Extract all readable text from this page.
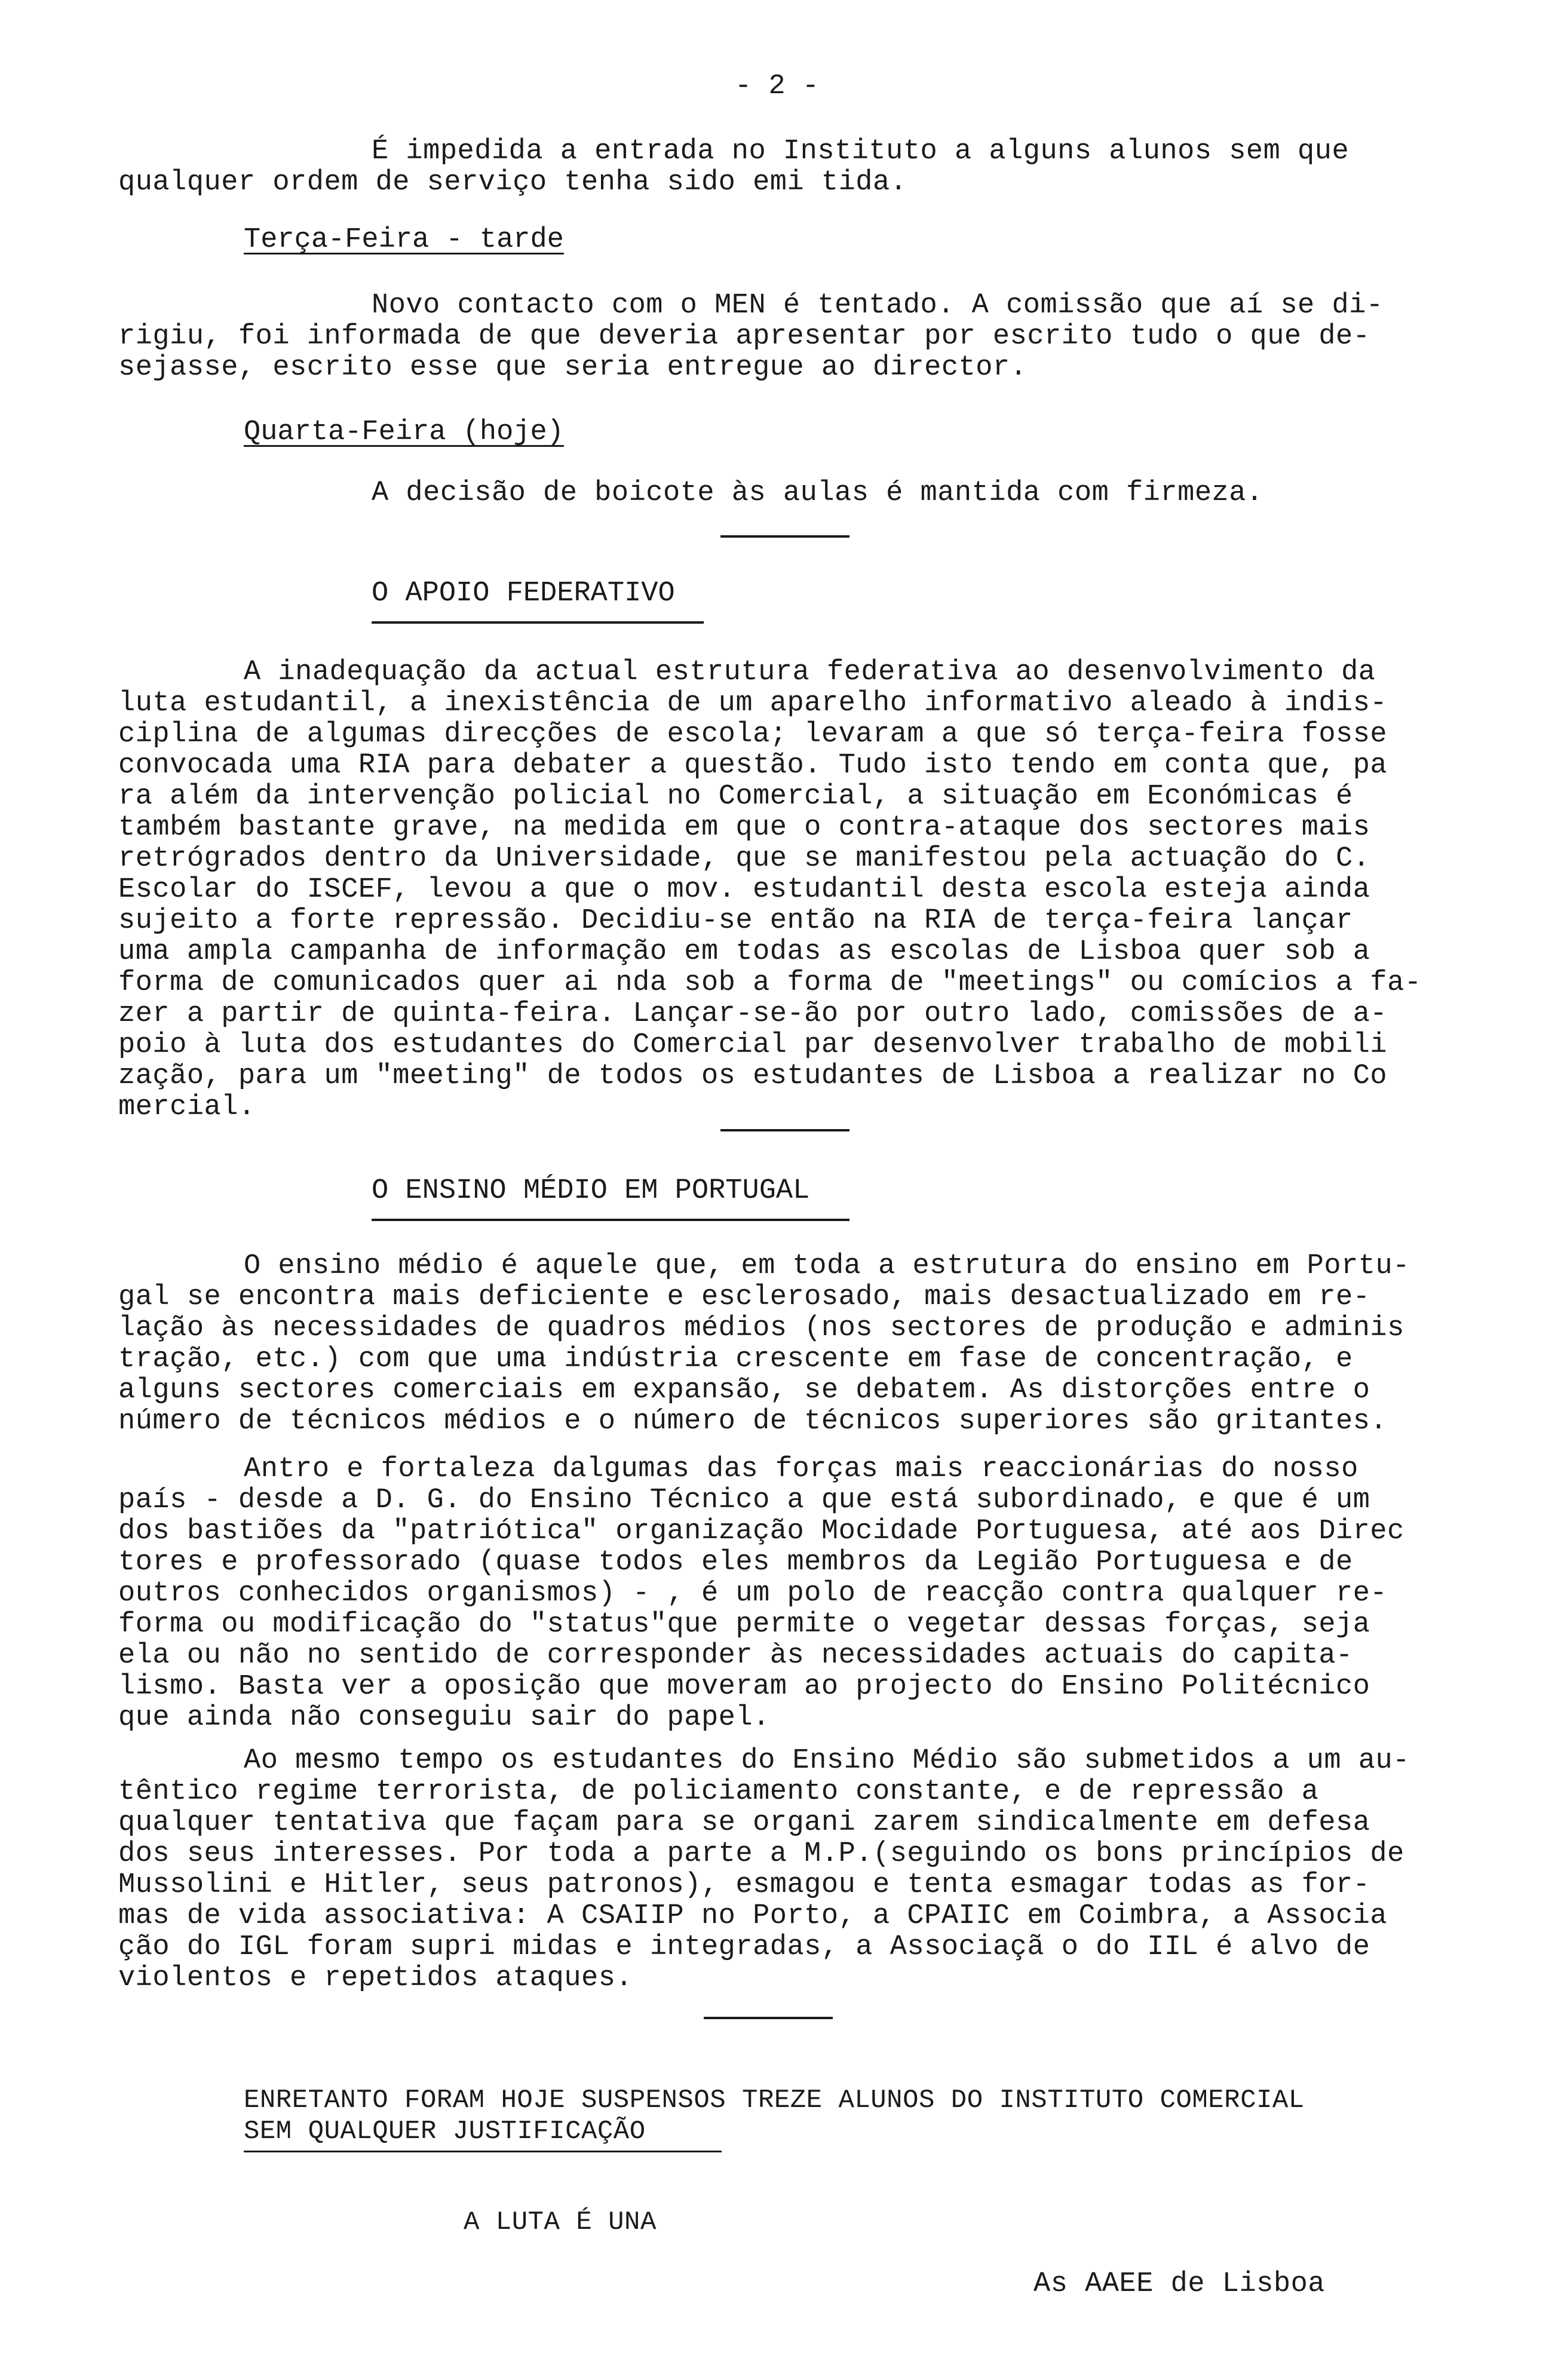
- 2 -
É impedida a entrada no Instituto a alguns alunos sem que
qualquer ordem de serviço tenha sido emi tida.
Terça-Feira - tarde
Novo contacto com o MEN é tentado. A comissão que aí se di-
rigiu, foi informada de que deveria apresentar por escrito tudo o que de-
sejasse, escrito esse que seria entregue ao director.
Quarta-Feira (hoje)
A decisão de boicote às aulas é mantida com firmeza.
O APOIO FEDERATIVO
A inadequação da actual estrutura federativa ao desenvolvimento da
luta estudantil, a inexistência de um aparelho informativo aleado à indis-
ciplina de algumas direcções de escola; levaram a que só terça-feira fosse
convocada uma RIA para debater a questão. Tudo isto tendo em conta que, pa
ra além da intervenção policial no Comercial, a situação em Económicas é
também bastante grave, na medida em que o contra-ataque dos sectores mais
retrógrados dentro da Universidade, que se manifestou pela actuação do C.
Escolar do ISCEF, levou a que o mov. estudantil desta escola esteja ainda
sujeito a forte repressão. Decidiu-se então na RIA de terça-feira lançar
uma ampla campanha de informação em todas as escolas de Lisboa quer sob a
forma de comunicados quer ai nda sob a forma de "meetings" ou comícios a fa-
zer a partir de quinta-feira. Lançar-se-ão por outro lado, comissões de a-
poio à luta dos estudantes do Comercial par desenvolver trabalho de mobili
zação, para um "meeting" de todos os estudantes de Lisboa a realizar no Co
mercial.
O ENSINO MÉDIO EM PORTUGAL
O ensino médio é aquele que, em toda a estrutura do ensino em Portu-
gal se encontra mais deficiente e esclerosado, mais desactualizado em re-
lação às necessidades de quadros médios (nos sectores de produção e adminis
tração, etc.) com que uma indústria crescente em fase de concentração, e
alguns sectores comerciais em expansão, se debatem. As distorções entre o
número de técnicos médios e o número de técnicos superiores são gritantes.
Antro e fortaleza dalgumas das forças mais reaccionárias do nosso
país - desde a D. G. do Ensino Técnico a que está subordinado, e que é um
dos bastiões da "patriótica" organização Mocidade Portuguesa, até aos Direc
tores e professorado (quase todos eles membros da Legião Portuguesa e de
outros conhecidos organismos) - , é um polo de reacção contra qualquer re-
forma ou modificação do "status"que permite o vegetar dessas forças, seja
ela ou não no sentido de corresponder às necessidades actuais do capita-
lismo. Basta ver a oposição que moveram ao projecto do Ensino Politécnico
que ainda não conseguiu sair do papel.
Ao mesmo tempo os estudantes do Ensino Médio são submetidos a um au-
têntico regime terrorista, de policiamento constante, e de repressão a
qualquer tentativa que façam para se organi zarem sindicalmente em defesa
dos seus interesses. Por toda a parte a M.P.(seguindo os bons princípios de
Mussolini e Hitler, seus patronos), esmagou e tenta esmagar todas as for-
mas de vida associativa: A CSAIIP no Porto, a CPAIIC em Coimbra, a Associa
ção do IGL foram supri midas e integradas, a Associaçã o do IIL é alvo de
violentos e repetidos ataques.
ENRETANTO FORAM HOJE SUSPENSOS TREZE ALUNOS DO INSTITUTO COMERCIAL
SEM QUALQUER JUSTIFICAÇÃO
A LUTA É UNA
As AAEE de Lisboa
